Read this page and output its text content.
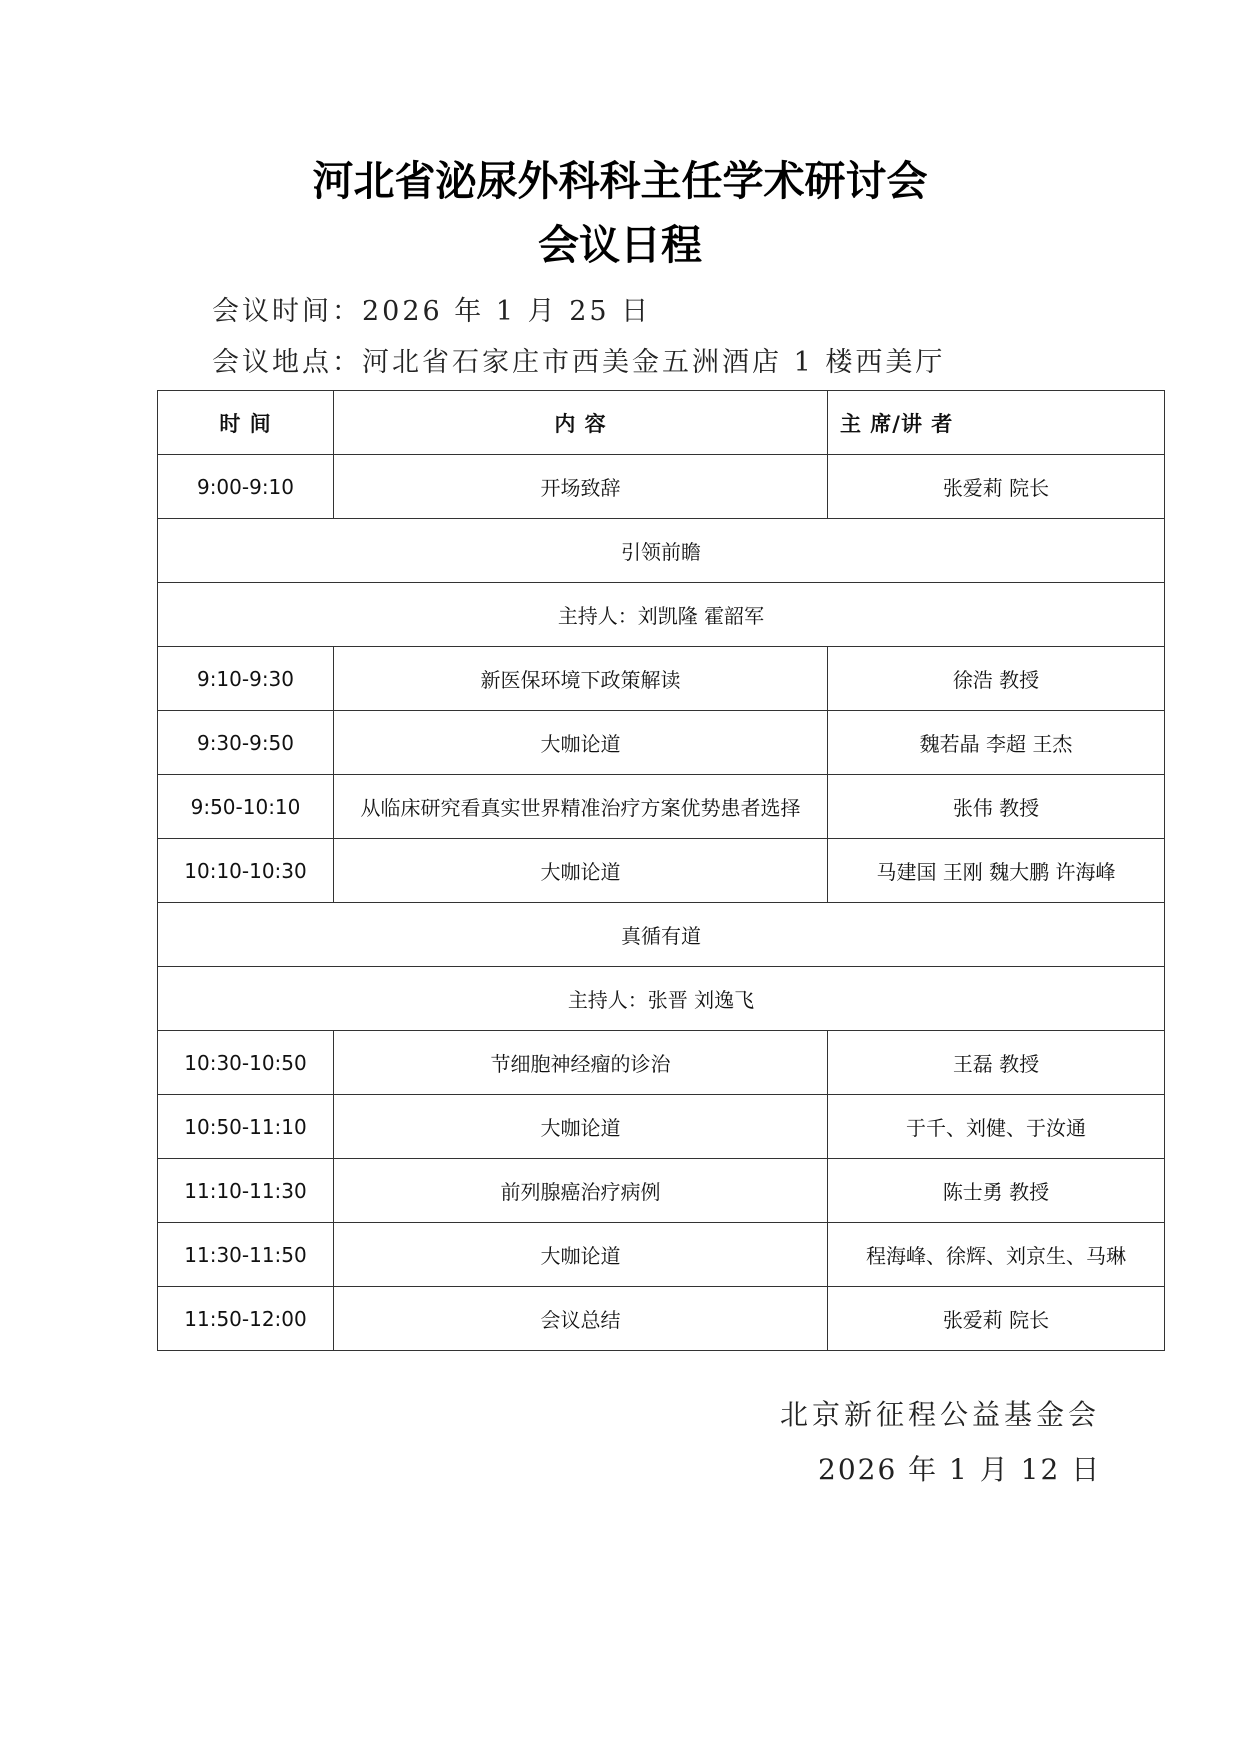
河北省泌尿外科科主任学术研讨会
会议日程
会议时间：2026 年 1 月 25 日
会议地点：河北省石家庄市西美金五洲酒店 1 楼西美厅
时 间	内 容	主 席/讲 者
9:00-9:10	开场致辞	张爱莉 院长
引领前瞻		
主持人：刘凯隆 霍韶军		
9:10-9:30	新医保环境下政策解读	徐浩 教授
9:30-9:50	大咖论道	魏若晶 李超 王杰
9:50-10:10	从临床研究看真实世界精准治疗方案优势患者选择	张伟 教授
10:10-10:30	大咖论道	马建国 王刚 魏大鹏 许海峰
真循有道		
主持人：张晋 刘逸飞		
10:30-10:50	节细胞神经瘤的诊治	王磊 教授
10:50-11:10	大咖论道	于千、刘健、于汝通
11:10-11:30	前列腺癌治疗病例	陈士勇 教授
11:30-11:50	大咖论道	程海峰、徐辉、刘京生、马琳
11:50-12:00	会议总结	张爱莉 院长
北京新征程公益基金会
2026 年 1 月 12 日
